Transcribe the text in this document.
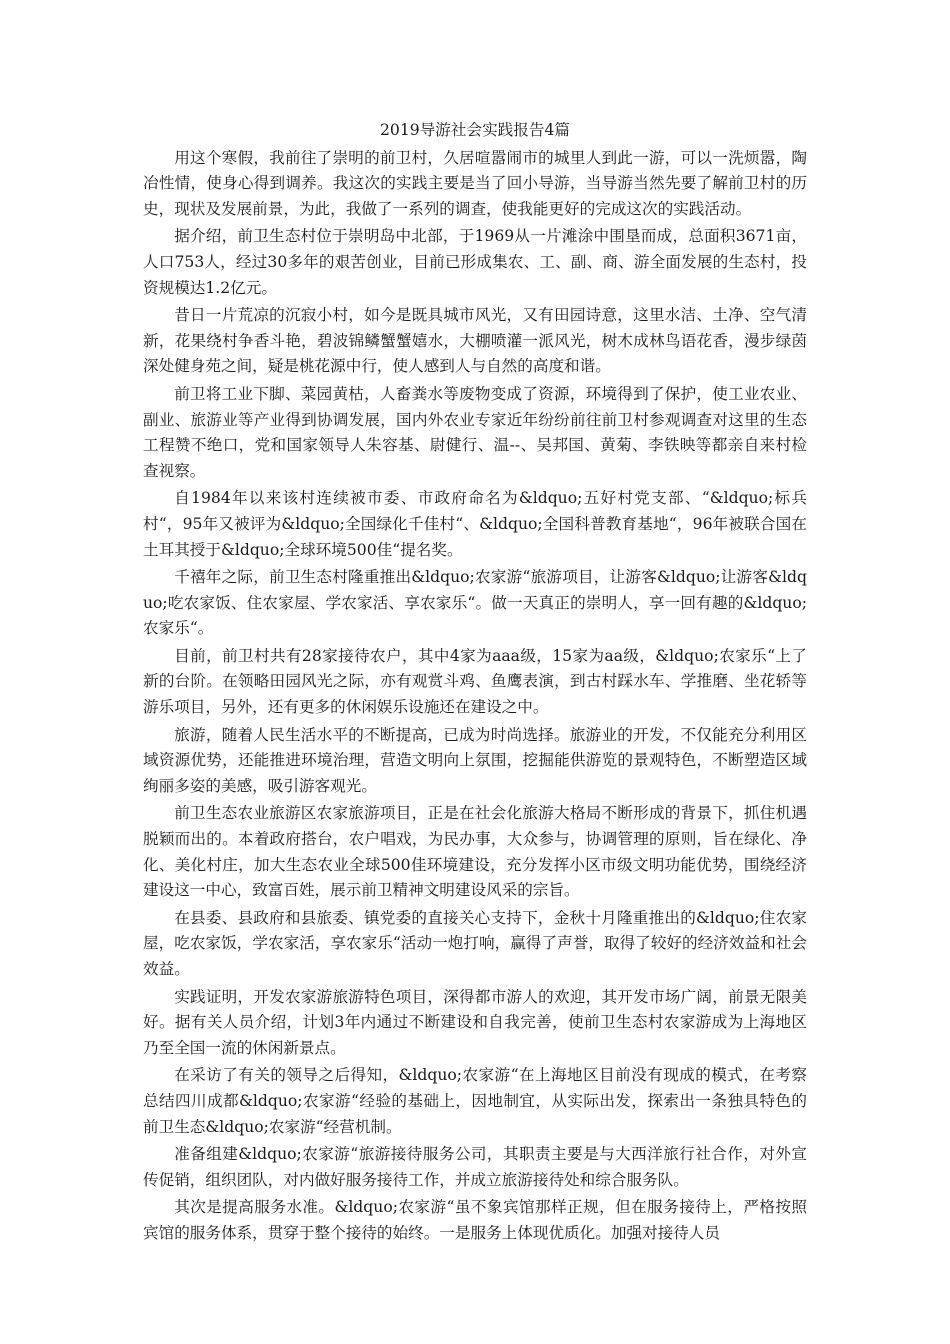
2019导游社会实践报告4篇

用这个寒假，我前往了崇明的前卫村，久居喧嚣闹市的城里人到此一游，可以一洗烦嚣，陶冶性情，使身心得到调养。我这次的实践主要是当了回小导游，当导游当然先要了解前卫村的历史，现状及发展前景，为此，我做了一系列的调查，使我能更好的完成这次的实践活动。

据介绍，前卫生态村位于崇明岛中北部，于1969从一片滩涂中围垦而成，总面积3671亩，人口753人，经过30多年的艰苦创业，目前已形成集农、工、副、商、游全面发展的生态村，投资规模达1.2亿元。

昔日一片荒凉的沉寂小村，如今是既具城市风光，又有田园诗意，这里水洁、土净、空气清新，花果绕村争香斗艳，碧波锦鳞蟹蟹嬉水，大棚喷灌一派风光，树木成林鸟语花香，漫步绿茵深处健身苑之间，疑是桃花源中行，使人感到人与自然的高度和谐。

前卫将工业下脚、菜园黄枯，人畜粪水等废物变成了资源，环境得到了保护，使工业农业、副业、旅游业等产业得到协调发展，国内外农业专家近年纷纷前往前卫村参观调查对这里的生态工程赞不绝口，党和国家领导人朱容基、尉健行、温--、吴邦国、黄菊、李铁映等都亲自来村检查视察。

自1984年以来该村连续被市委、市政府命名为&ldquo;五好村党支部、“&ldquo;标兵村“，95年又被评为&ldquo;全国绿化千佳村“、&ldquo;全国科普教育基地“，96年被联合国在土耳其授于&ldquo;全球环境500佳“提名奖。

千禧年之际，前卫生态村隆重推出&ldquo;农家游“旅游项目，让游客&ldquo;让游客&ldquo;吃农家饭、住农家屋、学农家活、享农家乐“。做一天真正的崇明人，享一回有趣的&ldquo;农家乐“。

目前，前卫村共有28家接待农户，其中4家为aaa级，15家为aa级，&ldquo;农家乐“上了新的台阶。在领略田园风光之际，亦有观赏斗鸡、鱼鹰表演，到古村踩水车、学推磨、坐花轿等游乐项目，另外，还有更多的休闲娱乐设施还在建设之中。

旅游，随着人民生活水平的不断提高，已成为时尚选择。旅游业的开发，不仅能充分利用区域资源优势，还能推进环境治理，营造文明向上氛围，挖掘能供游览的景观特色，不断塑造区域绚丽多姿的美感，吸引游客观光。

前卫生态农业旅游区农家旅游项目，正是在社会化旅游大格局不断形成的背景下，抓住机遇脱颖而出的。本着政府搭台，农户唱戏，为民办事，大众参与，协调管理的原则，旨在绿化、净化、美化村庄，加大生态农业全球500佳环境建设，充分发挥小区市级文明功能优势，围绕经济建设这一中心，致富百姓，展示前卫精神文明建设风采的宗旨。

在县委、县政府和县旅委、镇党委的直接关心支持下，金秋十月隆重推出的&ldquo;住农家屋，吃农家饭，学农家活，享农家乐“活动一炮打响，赢得了声誉，取得了较好的经济效益和社会效益。

实践证明，开发农家游旅游特色项目，深得都市游人的欢迎，其开发市场广阔，前景无限美好。据有关人员介绍，计划3年内通过不断建设和自我完善，使前卫生态村农家游成为上海地区乃至全国一流的休闲新景点。

在采访了有关的领导之后得知，&ldquo;农家游“在上海地区目前没有现成的模式，在考察总结四川成都&ldquo;农家游“经验的基础上，因地制宜，从实际出发，探索出一条独具特色的前卫生态&ldquo;农家游“经营机制。

准备组建&ldquo;农家游“旅游接待服务公司，其职责主要是与大西洋旅行社合作，对外宣传促销，组织团队，对内做好服务接待工作，并成立旅游接待处和综合服务队。

其次是提高服务水准。&ldquo;农家游“虽不象宾馆那样正规，但在服务接待上，严格按照宾馆的服务体系，贯穿于整个接待的始终。一是服务上体现优质化。加强对接待人员
